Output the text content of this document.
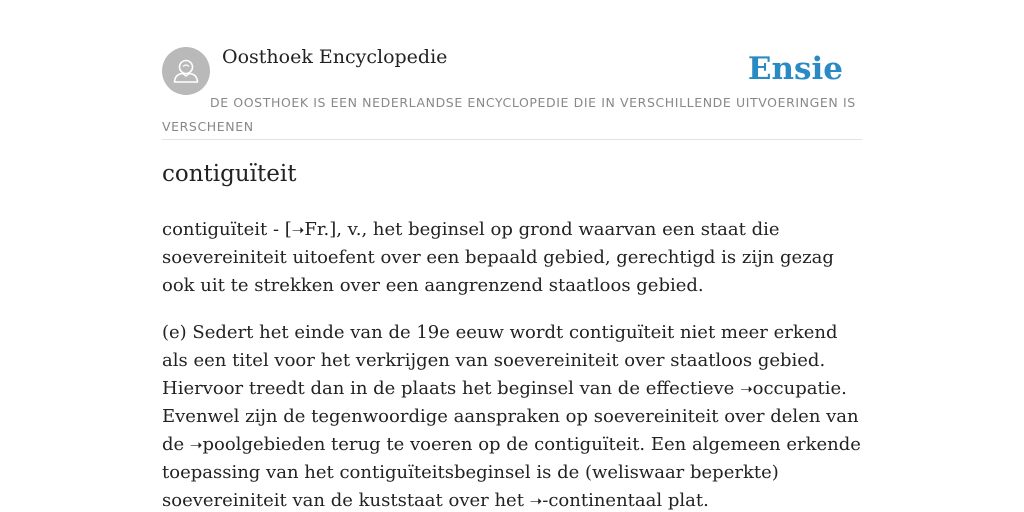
Oosthoek Encyclopedie	Ensie
DE OOSTHOEK IS EEN NEDERLANDSE ENCYCLOPEDIE DIE IN VERSCHILLENDE UITVOERINGEN IS VERSCHENEN
contiguïteit

contiguïteit - [➝Fr.], v., het beginsel op grond waarvan een staat die soevereiniteit uitoefent over een bepaald gebied, gerechtigd is zijn gezag ook uit te strekken over een aangrenzend staatloos gebied.

(e) Sedert het einde van de 19e eeuw wordt contiguïteit niet meer erkend als een titel voor het verkrijgen van soevereiniteit over staatloos gebied. Hiervoor treedt dan in de plaats het beginsel van de effectieve ➝occupatie. Evenwel zijn de tegenwoordige aanspraken op soevereiniteit over delen van de ➝poolgebieden terug te voeren op de contiguïteit. Een algemeen erkende toepassing van het contiguïteitsbeginsel is de (weliswaar beperkte) soevereiniteit van de kuststaat over het ➝-continentaal plat.
